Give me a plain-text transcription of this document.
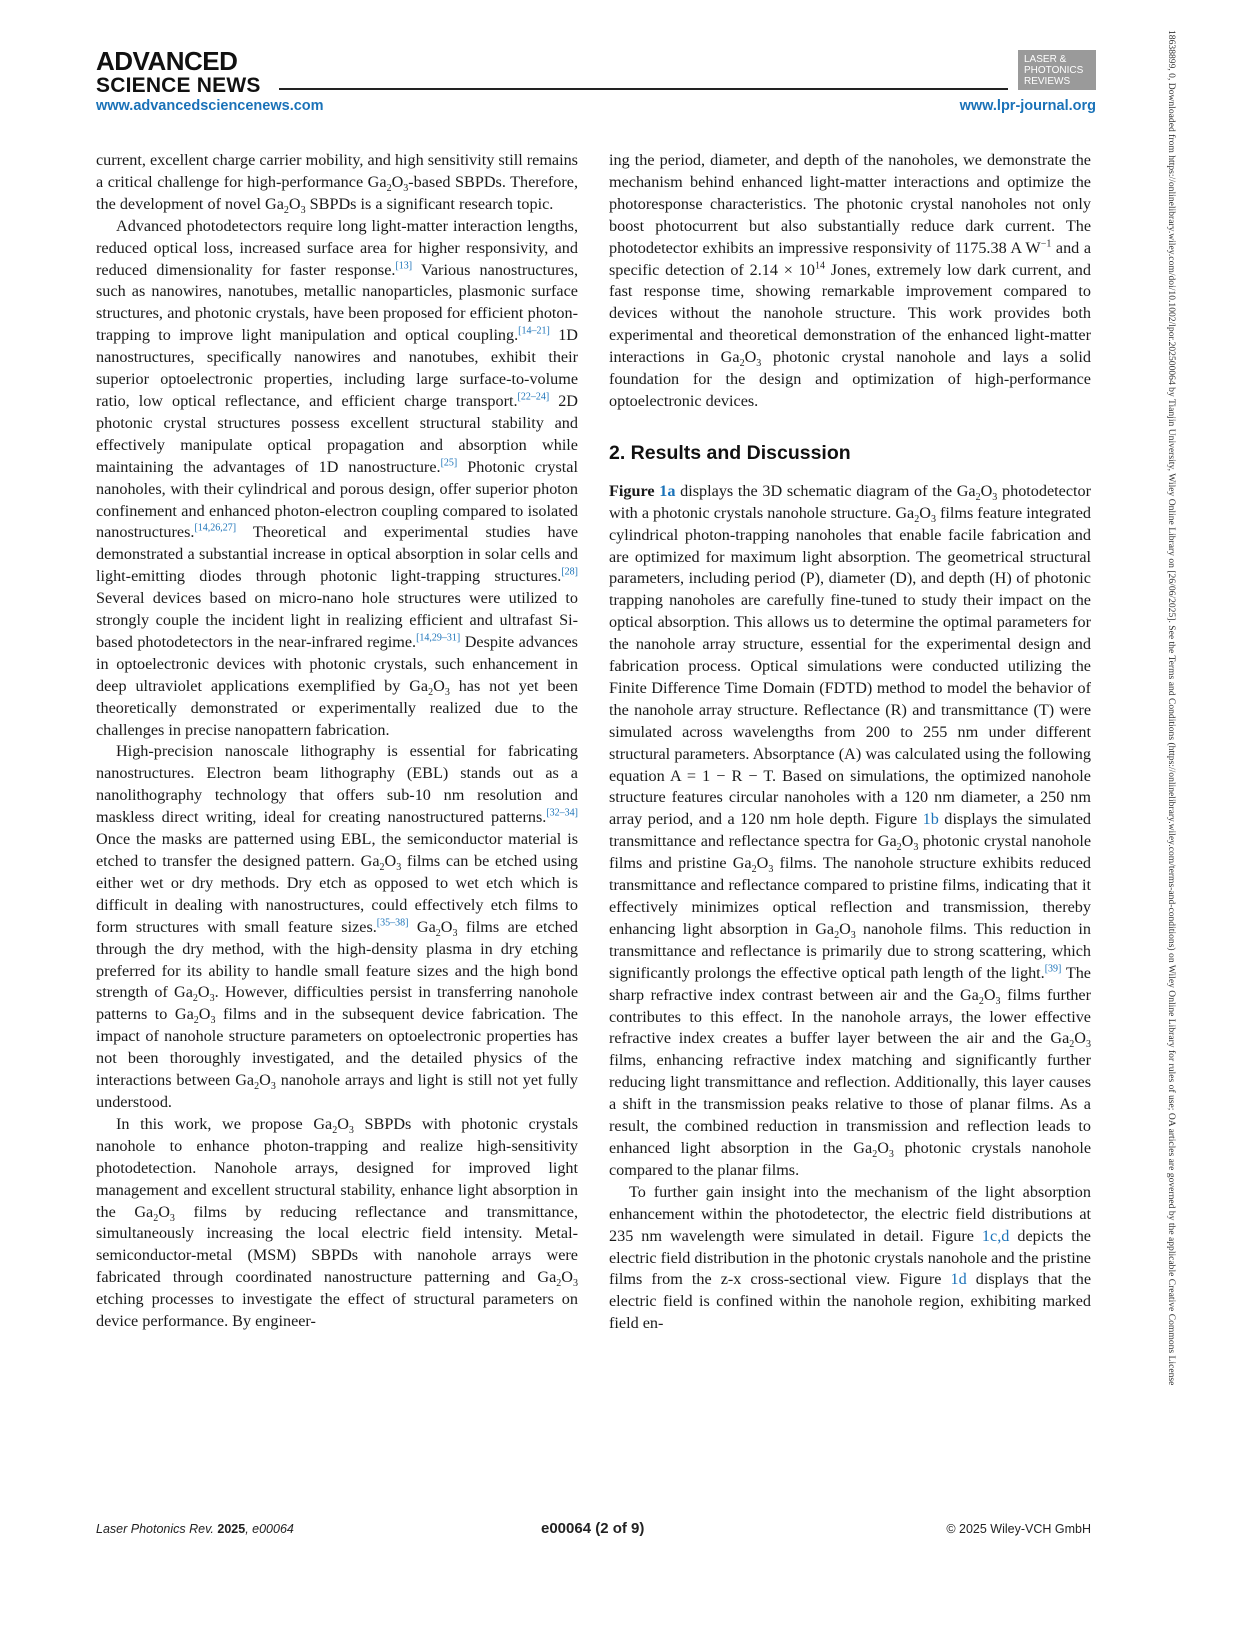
ADVANCED
SCIENCE NEWS
LASER & PHOTONICS REVIEWS
www.advancedsciencenews.com	www.lpr-journal.org

current, excellent charge carrier mobility, and high sensitivity still remains a critical challenge for high-performance $Ga_2O_3$-based SBPDs. Therefore, the development of novel $Ga_2O_3$ SBPDs is a significant research topic.

Advanced photodetectors require long light-matter interaction lengths, reduced optical loss, increased surface area for higher responsivity, and reduced dimensionality for faster response.[13] Various nanostructures, such as nanowires, nanotubes, metallic nanoparticles, plasmonic surface structures, and photonic crystals, have been proposed for efficient photon-trapping to improve light manipulation and optical coupling.[14–21] 1D nanostructures, specifically nanowires and nanotubes, exhibit their superior optoelectronic properties, including large surface-to-volume ratio, low optical reflectance, and efficient charge transport.[22–24] 2D photonic crystal structures possess excellent structural stability and effectively manipulate optical propagation and absorption while maintaining the advantages of 1D nanostructure.[25] Photonic crystal nanoholes, with their cylindrical and porous design, offer superior photon confinement and enhanced photon-electron coupling compared to isolated nanostructures.[14,26,27] Theoretical and experimental studies have demonstrated a substantial increase in optical absorption in solar cells and light-emitting diodes through photonic light-trapping structures.[28] Several devices based on micro-nano hole structures were utilized to strongly couple the incident light in realizing efficient and ultrafast Si-based photodetectors in the near-infrared regime.[14,29–31] Despite advances in optoelectronic devices with photonic crystals, such enhancement in deep ultraviolet applications exemplified by $Ga_2O_3$ has not yet been theoretically demonstrated or experimentally realized due to the challenges in precise nanopattern fabrication.

High-precision nanoscale lithography is essential for fabricating nanostructures. Electron beam lithography (EBL) stands out as a nanolithography technology that offers sub-10 nm resolution and maskless direct writing, ideal for creating nanostructured patterns.[32–34] Once the masks are patterned using EBL, the semiconductor material is etched to transfer the designed pattern. $Ga_2O_3$ films can be etched using either wet or dry methods. Dry etch as opposed to wet etch which is difficult in dealing with nanostructures, could effectively etch films to form structures with small feature sizes.[35–38] $Ga_2O_3$ films are etched through the dry method, with the high-density plasma in dry etching preferred for its ability to handle small feature sizes and the high bond strength of $Ga_2O_3$. However, difficulties persist in transferring nanohole patterns to $Ga_2O_3$ films and in the subsequent device fabrication. The impact of nanohole structure parameters on optoelectronic properties has not been thoroughly investigated, and the detailed physics of the interactions between $Ga_2O_3$ nanohole arrays and light is still not yet fully understood.

In this work, we propose $Ga_2O_3$ SBPDs with photonic crystals nanohole to enhance photon-trapping and realize high-sensitivity photodetection. Nanohole arrays, designed for improved light management and excellent structural stability, enhance light absorption in the $Ga_2O_3$ films by reducing reflectance and transmittance, simultaneously increasing the local electric field intensity. Metal-semiconductor-metal (MSM) SBPDs with nanohole arrays were fabricated through coordinated nanostructure patterning and $Ga_2O_3$ etching processes to investigate the effect of structural parameters on device performance. By engineer-

ing the period, diameter, and depth of the nanoholes, we demonstrate the mechanism behind enhanced light-matter interactions and optimize the photoresponse characteristics. The photonic crystal nanoholes not only boost photocurrent but also substantially reduce dark current. The photodetector exhibits an impressive responsivity of 1175.38 A $W^{-1}$ and a specific detection of $2.14 \times 10^{14}$ Jones, extremely low dark current, and fast response time, showing remarkable improvement compared to devices without the nanohole structure. This work provides both experimental and theoretical demonstration of the enhanced light-matter interactions in $Ga_2O_3$ photonic crystal nanohole and lays a solid foundation for the design and optimization of high-performance optoelectronic devices.

2. Results and Discussion

Figure 1a displays the 3D schematic diagram of the $Ga_2O_3$ photodetector with a photonic crystals nanohole structure. $Ga_2O_3$ films feature integrated cylindrical photon-trapping nanoholes that enable facile fabrication and are optimized for maximum light absorption. The geometrical structural parameters, including period (P), diameter (D), and depth (H) of photonic trapping nanoholes are carefully fine-tuned to study their impact on the optical absorption. This allows us to determine the optimal parameters for the nanohole array structure, essential for the experimental design and fabrication process. Optical simulations were conducted utilizing the Finite Difference Time Domain (FDTD) method to model the behavior of the nanohole array structure. Reflectance (R) and transmittance (T) were simulated across wavelengths from 200 to 255 nm under different structural parameters. Absorptance (A) was calculated using the following equation A = 1 − R − T. Based on simulations, the optimized nanohole structure features circular nanoholes with a 120 nm diameter, a 250 nm array period, and a 120 nm hole depth. Figure 1b displays the simulated transmittance and reflectance spectra for $Ga_2O_3$ photonic crystal nanohole films and pristine $Ga_2O_3$ films. The nanohole structure exhibits reduced transmittance and reflectance compared to pristine films, indicating that it effectively minimizes optical reflection and transmission, thereby enhancing light absorption in $Ga_2O_3$ nanohole films. This reduction in transmittance and reflectance is primarily due to strong scattering, which significantly prolongs the effective optical path length of the light.[39] The sharp refractive index contrast between air and the $Ga_2O_3$ films further contributes to this effect. In the nanohole arrays, the lower effective refractive index creates a buffer layer between the air and the $Ga_2O_3$ films, enhancing refractive index matching and significantly further reducing light transmittance and reflection. Additionally, this layer causes a shift in the transmission peaks relative to those of planar films. As a result, the combined reduction in transmission and reflection leads to enhanced light absorption in the $Ga_2O_3$ photonic crystals nanohole compared to the planar films.

To further gain insight into the mechanism of the light absorption enhancement within the photodetector, the electric field distributions at 235 nm wavelength were simulated in detail. Figure 1c,d depicts the electric field distribution in the photonic crystals nanohole and the pristine films from the z-x cross-sectional view. Figure 1d displays that the electric field is confined within the nanohole region, exhibiting marked field en-	18638899, 0, Downloaded from https://onlinelibrary.wiley.com/doi/10.1002/lpor.202500064 by Tianjin University, Wiley Online Library on [26/06/2025]. See the Terms and Conditions (https://onlinelibrary.wiley.com/terms-and-conditions) on Wiley Online Library for rules of use; OA articles are governed by the applicable Creative Commons License
Laser Photonics Rev. 2025, e00064	e00064 (2 of 9)	© 2025 Wiley-VCH GmbH
